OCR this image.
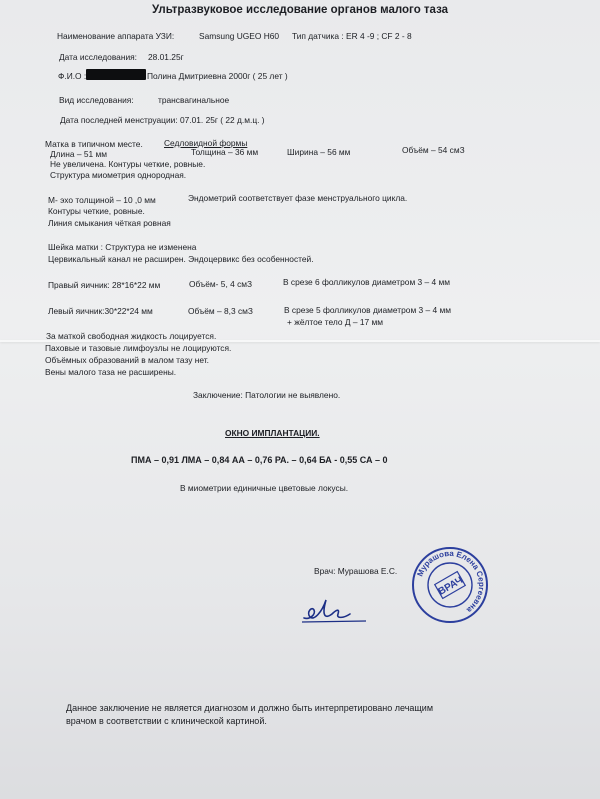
Ультразвуковое исследование органов малого таза
Наименование аппарата УЗИ:	Samsung UGEO H60 Тип датчика : ER 4 -9 ; CF 2 - 8
Дата исследования: 28.01.25г
Ф.И.О :	Полина Дмитриевна 2000г ( 25 лет )
Вид исследования:	трансвагинальное
Дата последней менструации: 07.01. 25г ( 22 д.м.ц. )
Матка в типичном месте.	Седловидной формы
Длина – 51 мм	Толщина – 36 мм	Ширина – 56 мм	Объём – 54 смЗ
Не увеличена. Контуры четкие, ровные.
Структура миометрия однородная.
М- эхо толщиной – 10 ,0 мм	Эндометрий соответствует фазе менструального цикла.
Контуры четкие, ровные.
Линия смыкания чёткая ровная
Шейка матки : Структура не изменена
Цервикальный канал не расширен. Эндоцервикс без особенностей.
Правый яичник: 28*16*22 мм	Объём- 5, 4 смЗ	В срезе 6 фолликулов диаметром 3 – 4 мм
Левый яичник:30*22*24 мм	Объём – 8,3 смЗ	В срезе 5 фолликулов диаметром 3 – 4 мм
+ жёлтое тело Д – 17 мм
За маткой свободная жидкость лоцируется.
Паховые и тазовые лимфоузлы не лоцируются.
Объёмных образований в малом тазу нет.
Вены малого таза не расширены.
Заключение: Патологии не выявлено.
ОКНО ИМПЛАНТАЦИИ.
ПМА – 0,91 ЛМА – 0,84 АА – 0,76 РА. – 0,64 БА - 0,55 СА – 0
В миометрии единичные цветовые локусы.
Врач: Мурашова Е.С. Мурашова Елена Сергеевна
ВРАЧ
Данное заключение не является диагнозом и должно быть интерпретировано лечащим
врачом в соответствии с клинической картиной.
